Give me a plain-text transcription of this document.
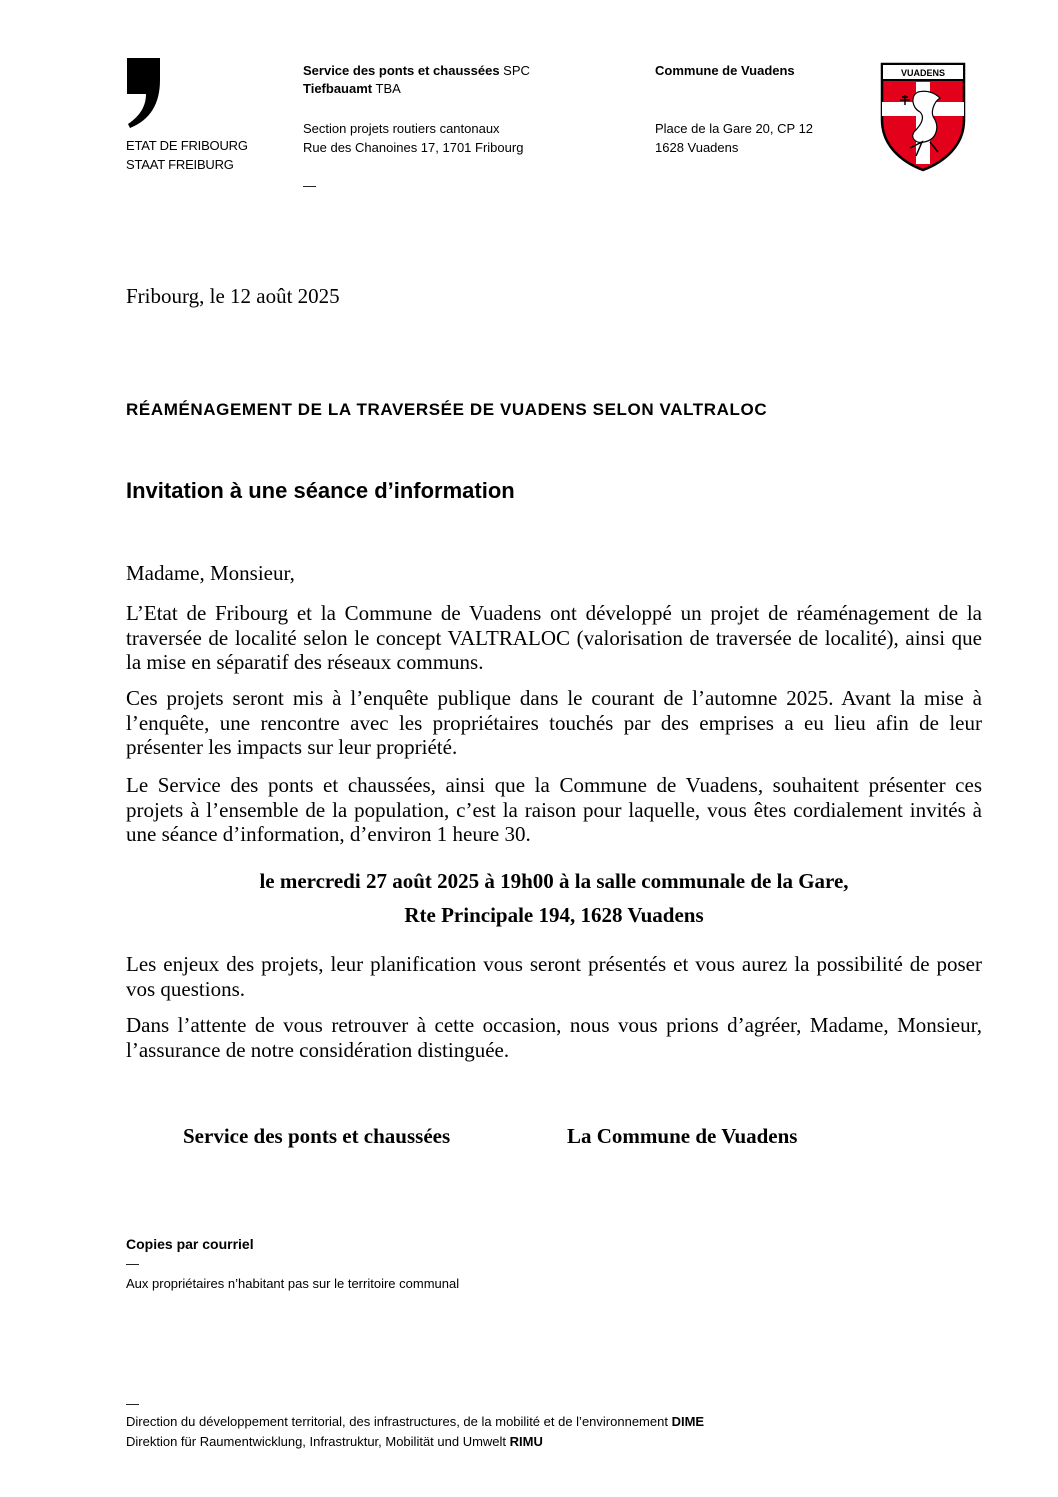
ETAT DE FRIBOURG
STAAT FREIBURG
Service des ponts et chaussées SPC
Tiefbauamt TBA
Section projets routiers cantonaux
Rue des Chanoines 17, 1701 Fribourg
—
Commune de Vuadens
Place de la Gare 20, CP 12
1628 Vuadens
VUADENS
Fribourg, le 12 août 2025
RÉAMÉNAGEMENT DE LA TRAVERSÉE DE VUADENS SELON VALTRALOC
Invitation à une séance d’information
Madame, Monsieur,

L’Etat de Fribourg et la Commune de Vuadens ont développé un projet de réaménagement de la traversée de localité selon le concept VALTRALOC (valorisation de traversée de localité), ainsi que la mise en séparatif des réseaux communs.

Ces projets seront mis à l’enquête publique dans le courant de l’automne 2025. Avant la mise à l’enquête, une rencontre avec les propriétaires touchés par des emprises a eu lieu afin de leur présenter les impacts sur leur propriété.

Le Service des ponts et chaussées, ainsi que la Commune de Vuadens, souhaitent présenter ces projets à l’ensemble de la population, c’est la raison pour laquelle, vous êtes cordialement invités à une séance d’information, d’environ 1 heure 30.

le mercredi 27 août 2025 à 19h00 à la salle communale de la Gare,
Rte Principale 194, 1628 Vuadens

Les enjeux des projets, leur planification vous seront présentés et vous aurez la possibilité de poser vos questions.

Dans l’attente de vous retrouver à cette occasion, nous vous prions d’agréer, Madame, Monsieur, l’assurance de notre considération distinguée.

Service des ponts et chaussées	La Commune de Vuadens
Copies par courriel
—
Aux propriétaires n’habitant pas sur le territoire communal
—
Direction du développement territorial, des infrastructures, de la mobilité et de l’environnement DIME
Direktion für Raumentwicklung, Infrastruktur, Mobilität und Umwelt RIMU
